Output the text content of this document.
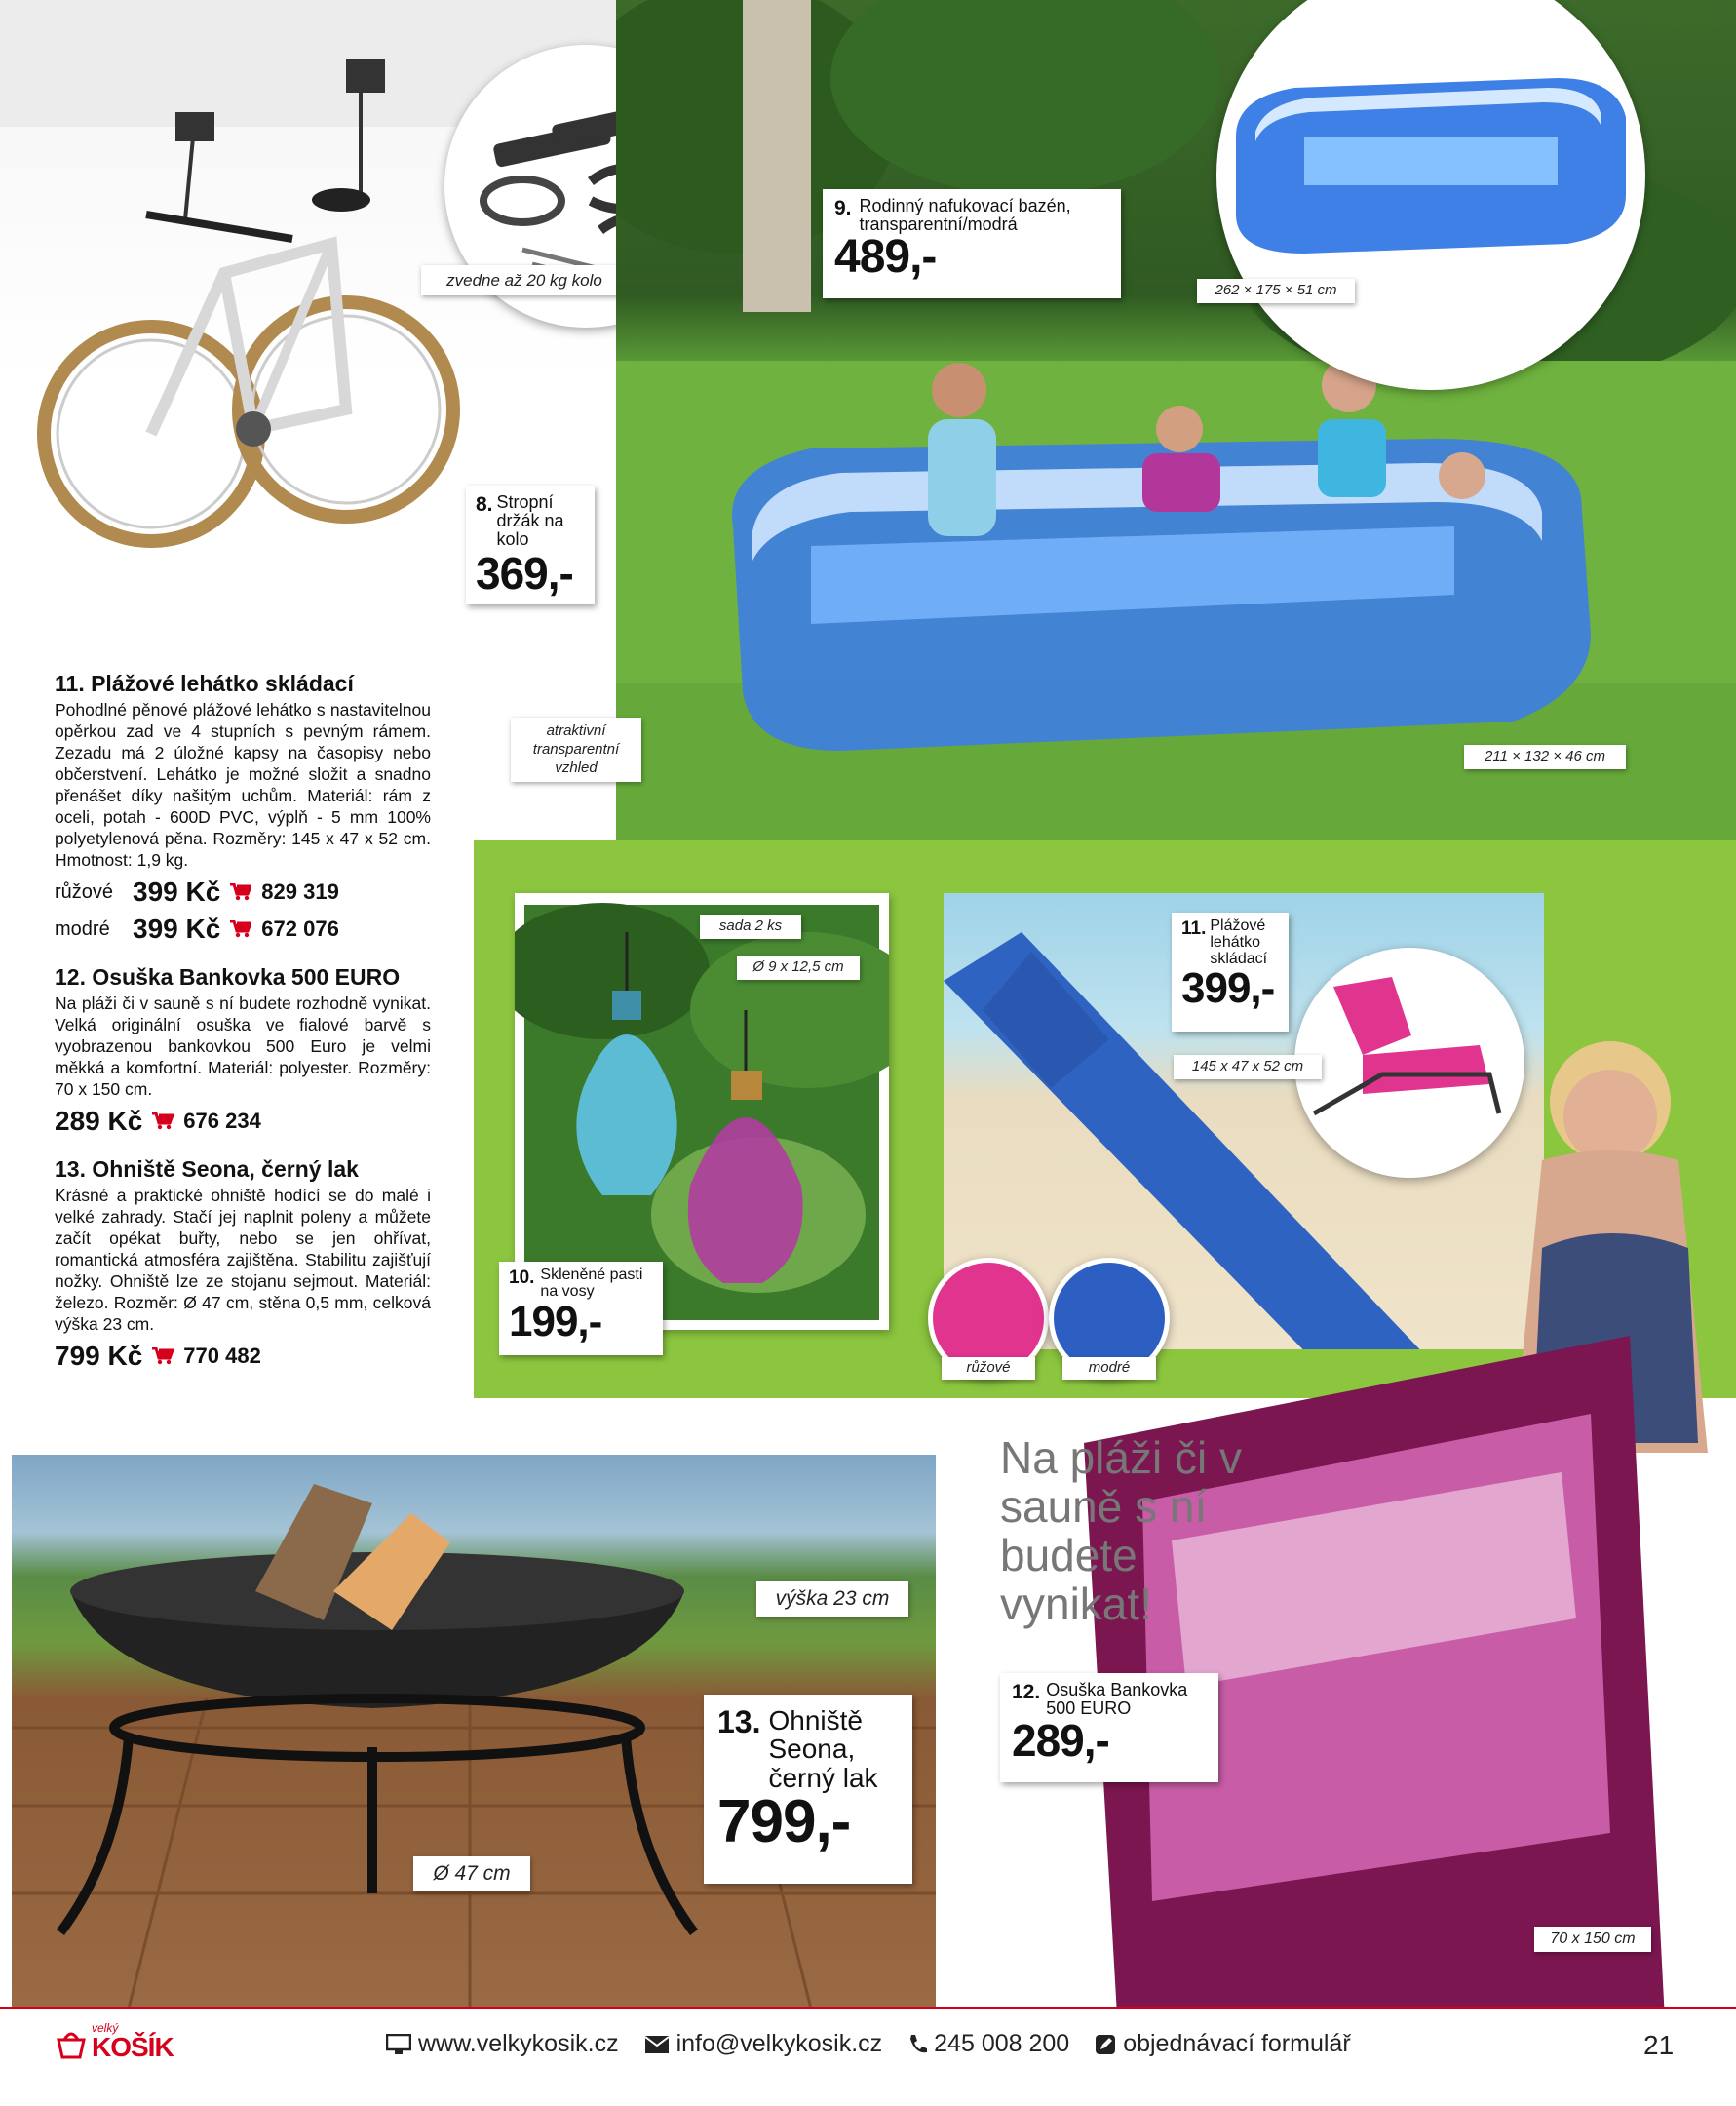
zvedne až 20 kg kolo
8. Stropní držák na kolo
369,-
262 × 175 × 51 cm
9. Rodinný nafukovací bazén, transparentní/modrá
489,-
atraktivní transparentní vzhled
211 × 132 × 46 cm
sada 2 ks
Ø 9 x 12,5 cm
10. Skleněné pasti na vosy
199,-
11. Plážové lehátko skládací
399,-
145 x 47 x 52 cm
růžové	modré
výška 23 cm
Ø 47 cm
13. Ohniště Seona, černý lak
799,-
Na pláži či v sauně s ní budete vynikat!
12. Osuška Bankovka 500 EURO
289,-
70 x 150 cm

11. Plážové lehátko skládací

Pohodlné pěnové plážové lehátko s nastavitelnou opěrkou zad ve 4 stupních s pevným rámem. Zezadu má 2 úložné kapsy na časopisy nebo občerstvení. Lehátko je možné složit a snadno přenášet díky našitým uchům. Materiál: rám z oceli, potah - 600D PVC, výplň - 5 mm 100% polyetylenová pěna. Rozměry: 145 x 47 x 52 cm. Hmotnost: 1,9 kg.

růžové 399 Kč 829 319
modré 399 Kč 672 076

12. Osuška Bankovka 500 EURO

Na pláži či v sauně s ní budete rozhodně vynikat. Velká originální osuška ve fialové barvě s vyobrazenou bankovkou 500 Euro je velmi měkká a komfortní. Materiál: polyester. Rozměry: 70 x 150 cm.

289 Kč 676 234

13. Ohniště Seona, černý lak

Krásné a praktické ohniště hodící se do malé i velké zahrady. Stačí jej naplnit poleny a můžete začít opékat buřty, nebo se jen ohřívat, romantická atmosféra zajištěna. Stabilitu zajišťují nožky. Ohniště lze ze stojanu sejmout. Materiál: železo. Rozměr: Ø 47 cm, stěna 0,5 mm, celková výška 23 cm.

799 Kč 770 482
velký
KOŠÍK	www.velkykosik.cz info@velkykosik.cz 245 008 200 objednávací formulář	21
